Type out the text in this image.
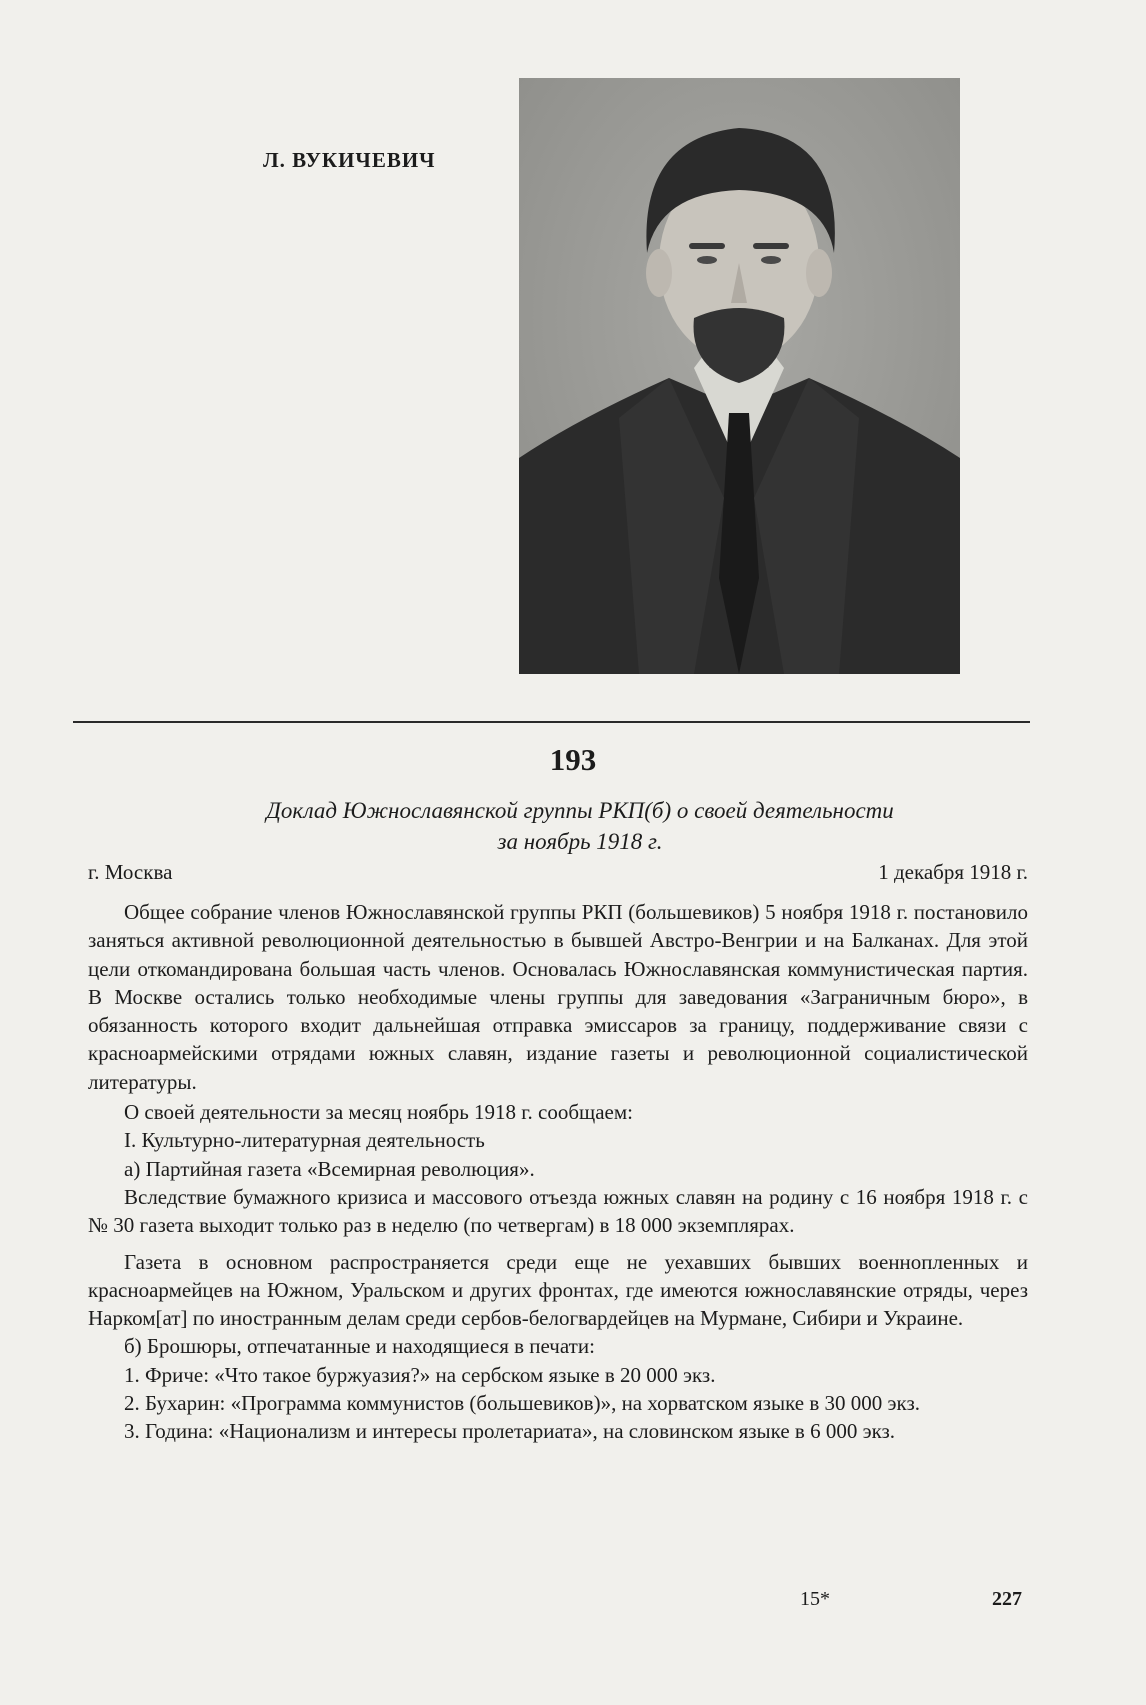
Л. ВУКИЧЕВИЧ
193
Доклад Южнославянской группы РКП(б) о своей деятельности
за ноябрь 1918 г.
г. Москва	1 декабря 1918 г.

Общее собрание членов Южнославянской группы РКП (большевиков) 5 ноября 1918 г. постановило заняться активной революционной деятельностью в бывшей Австро-Венгрии и на Балканах. Для этой цели откомандирована большая часть членов. Основалась Южнославянская коммунистическая партия. В Москве остались только необходимые члены группы для заведования «Заграничным бюро», в обязанность которого входит дальнейшая отправка эмиссаров за границу, поддерживание связи с красноармейскими отрядами южных славян, издание газеты и революционной социалистической литературы.

О своей деятельности за месяц ноябрь 1918 г. сообщаем:

I. Культурно-литературная деятельность

а) Партийная газета «Всемирная революция».

Вследствие бумажного кризиса и массового отъезда южных славян на родину с 16 ноября 1918 г. с № 30 газета выходит только раз в неделю (по четвергам) в 18 000 экземплярах.

Газета в основном распространяется среди еще не уехавших бывших военнопленных и красноармейцев на Южном, Уральском и других фронтах, где имеются южнославянские отряды, через Нарком[ат] по иностранным делам среди сербов-белогвардейцев на Мурмане, Сибири и Украине.

б) Брошюры, отпечатанные и находящиеся в печати:

1. Фриче: «Что такое буржуазия?» на сербском языке в 20 000 экз.

2. Бухарин: «Программа коммунистов (большевиков)», на хорватском языке в 30 000 экз.

3. Година: «Национализм и интересы пролетариата», на словинском языке в 6 000 экз.

15*	227
